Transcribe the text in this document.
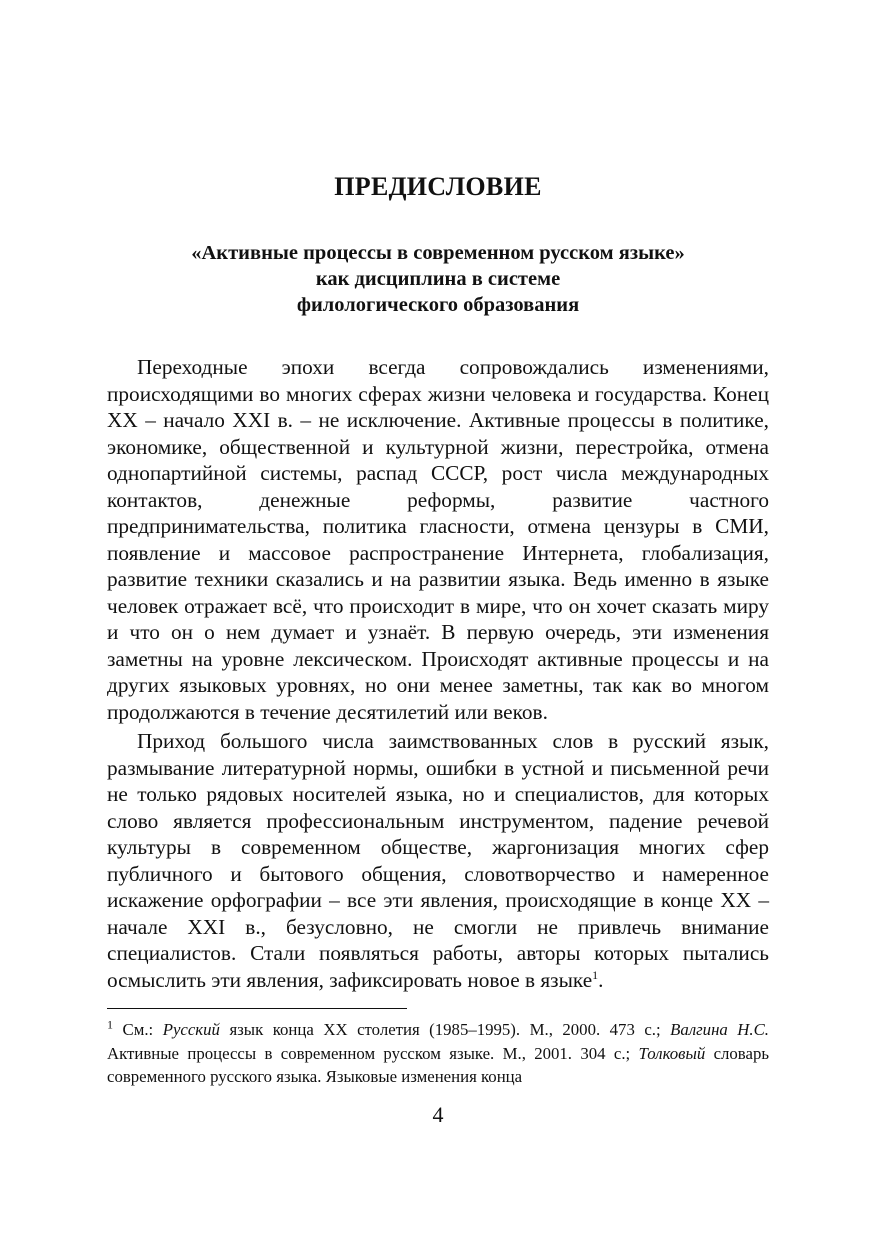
ПРЕДИСЛОВИЕ
«Активные процессы в современном русском языке»
как дисциплина в системе
филологического образования

Переходные эпохи всегда сопровождались изменениями, происходящими во многих сферах жизни человека и государства. Конец ХХ – начало ХХI в. – не исключение. Активные процессы в политике, экономике, общественной и культурной жизни, перестройка, отмена однопартийной системы, распад СССР, рост числа международных контактов, денежные реформы, развитие частного предпринимательства, политика гласности, отмена цензуры в СМИ, появление и массовое распространение Интернета, глобализация, развитие техники сказались и на развитии языка. Ведь именно в языке человек отражает всё, что происходит в мире, что он хочет сказать миру и что он о нем думает и узнаёт. В первую очередь, эти изменения заметны на уровне лексическом. Происходят активные процессы и на других языковых уровнях, но они менее заметны, так как во многом продолжаются в течение десятилетий или веков.

Приход большого числа заимствованных слов в русский язык, размывание литературной нормы, ошибки в устной и письменной речи не только рядовых носителей языка, но и специалистов, для которых слово является профессиональным инструментом, падение речевой культуры в современном обществе, жаргонизация многих сфер публичного и бытового общения, словотворчество и намеренное искажение орфографии – все эти явления, происходящие в конце ХХ – начале ХХI в., безусловно, не смогли не привлечь внимание специалистов. Стали появляться работы, авторы которых пытались осмыслить эти явления, зафиксировать новое в языке$^1$.

$^1$ См.: Русский язык конца ХХ столетия (1985–1995). М., 2000. 473 с.; Валгина Н.С. Активные процессы в современном русском языке. М., 2001. 304 с.; Толковый словарь современного русского языка. Языковые изменения конца

4
